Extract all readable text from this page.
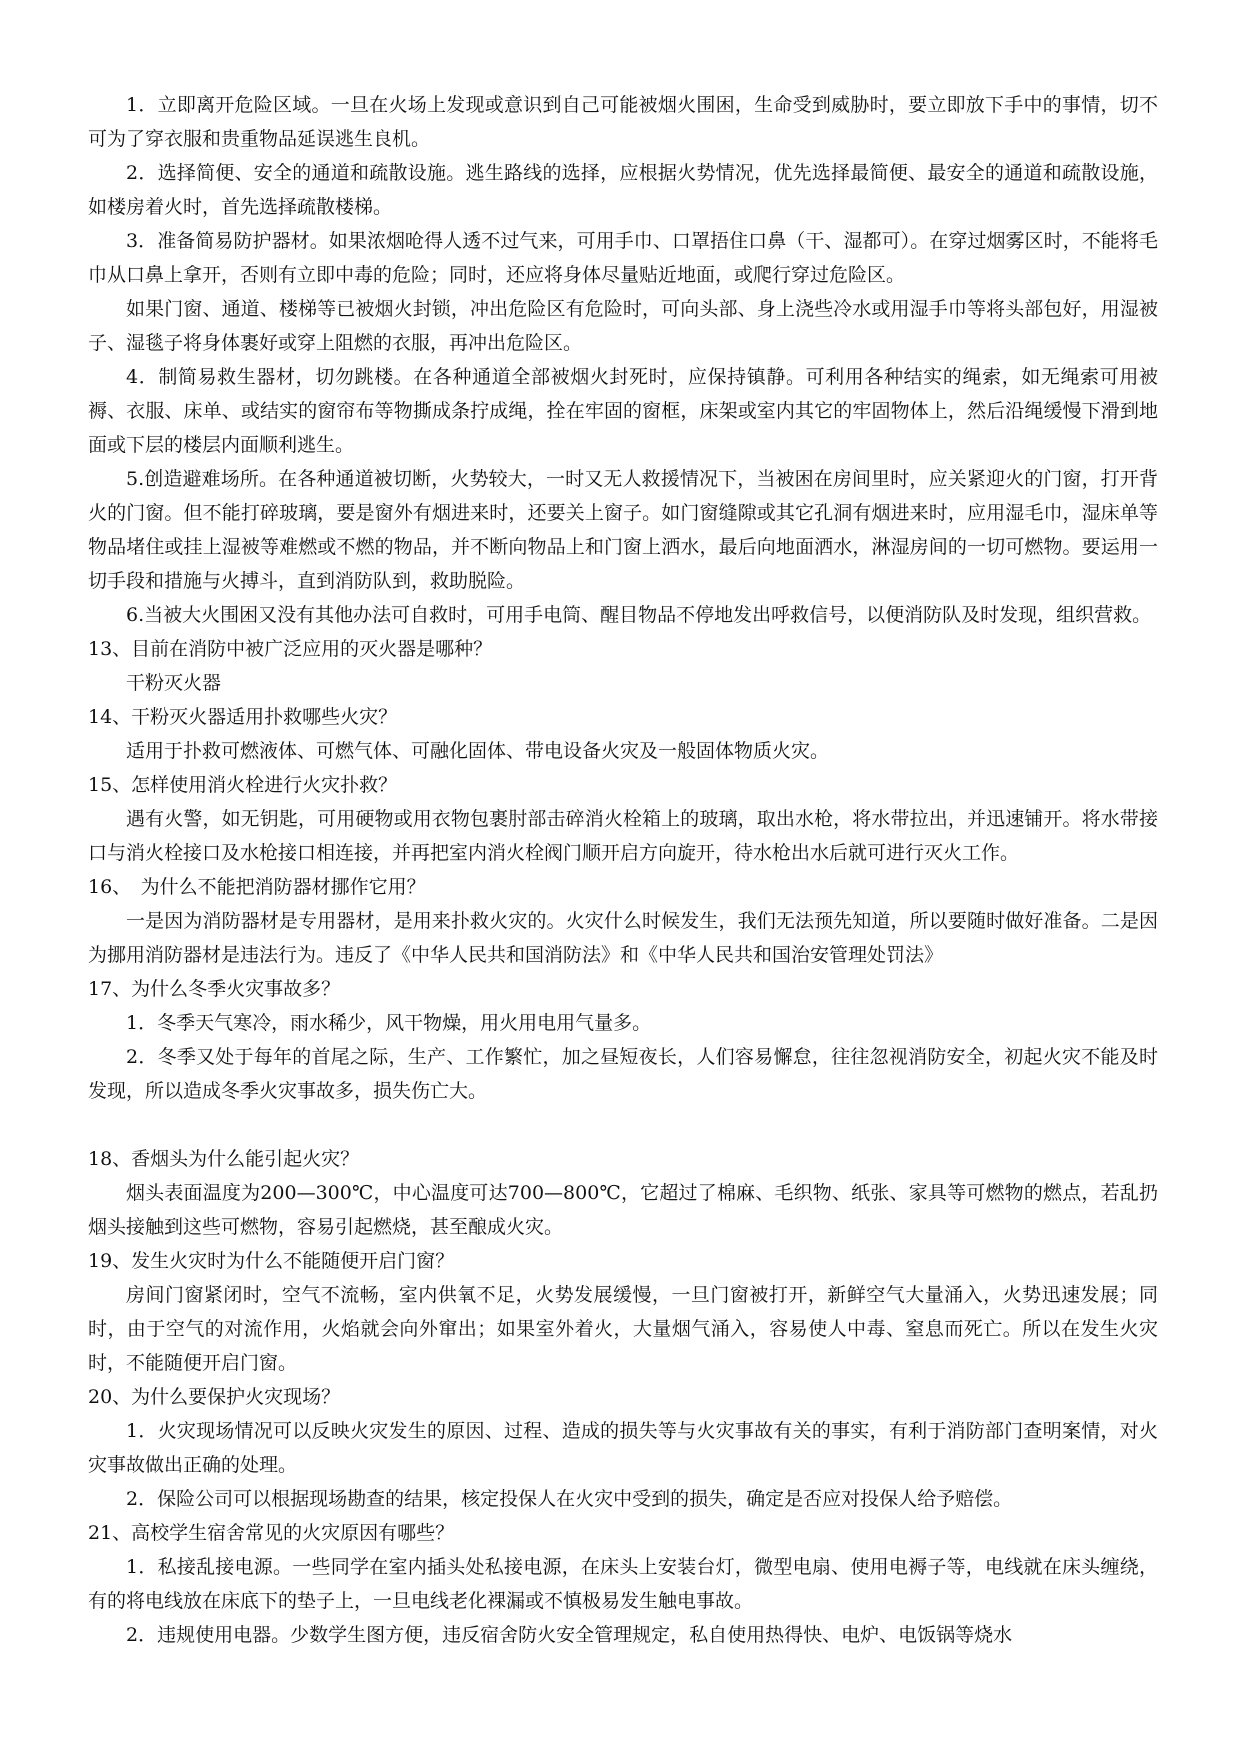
1．立即离开危险区域。一旦在火场上发现或意识到自己可能被烟火围困，生命受到威胁时，要立即放下手中的事情，切不可为了穿衣服和贵重物品延误逃生良机。

2．选择简便、安全的通道和疏散设施。逃生路线的选择，应根据火势情况，优先选择最简便、最安全的通道和疏散设施，如楼房着火时，首先选择疏散楼梯。

3．准备简易防护器材。如果浓烟呛得人透不过气来，可用手巾、口罩捂住口鼻（干、湿都可）。在穿过烟雾区时，不能将毛巾从口鼻上拿开，否则有立即中毒的危险；同时，还应将身体尽量贴近地面，或爬行穿过危险区。

如果门窗、通道、楼梯等已被烟火封锁，冲出危险区有危险时，可向头部、身上浇些冷水或用湿手巾等将头部包好，用湿被子、湿毯子将身体裹好或穿上阻燃的衣服，再冲出危险区。

4．制简易救生器材，切勿跳楼。在各种通道全部被烟火封死时，应保持镇静。可利用各种结实的绳索，如无绳索可用被褥、衣服、床单、或结实的窗帘布等物撕成条拧成绳，拴在牢固的窗框，床架或室内其它的牢固物体上，然后沿绳缓慢下滑到地面或下层的楼层内面顺利逃生。

5.创造避难场所。在各种通道被切断，火势较大，一时又无人救援情况下，当被困在房间里时，应关紧迎火的门窗，打开背火的门窗。但不能打碎玻璃，要是窗外有烟进来时，还要关上窗子。如门窗缝隙或其它孔洞有烟进来时，应用湿毛巾，湿床单等物品堵住或挂上湿被等难燃或不燃的物品，并不断向物品上和门窗上洒水，最后向地面洒水，淋湿房间的一切可燃物。要运用一切手段和措施与火搏斗，直到消防队到，救助脱险。

6.当被大火围困又没有其他办法可自救时，可用手电筒、醒目物品不停地发出呼救信号，以便消防队及时发现，组织营救。

13、目前在消防中被广泛应用的灭火器是哪种？

干粉灭火器

14、干粉灭火器适用扑救哪些火灾？

适用于扑救可燃液体、可燃气体、可融化固体、带电设备火灾及一般固体物质火灾。

15、怎样使用消火栓进行火灾扑救？

遇有火警，如无钥匙，可用硬物或用衣物包裹肘部击碎消火栓箱上的玻璃，取出水枪，将水带拉出，并迅速铺开。将水带接口与消火栓接口及水枪接口相连接，并再把室内消火栓阀门顺开启方向旋开，待水枪出水后就可进行灭火工作。

16、　为什么不能把消防器材挪作它用？

一是因为消防器材是专用器材，是用来扑救火灾的。火灾什么时候发生，我们无法预先知道，所以要随时做好准备。二是因为挪用消防器材是违法行为。违反了《中华人民共和国消防法》和《中华人民共和国治安管理处罚法》

17、为什么冬季火灾事故多？

1．冬季天气寒冷，雨水稀少，风干物燥，用火用电用气量多。

2．冬季又处于每年的首尾之际，生产、工作繁忙，加之昼短夜长，人们容易懈怠，往往忽视消防安全，初起火灾不能及时发现，所以造成冬季火灾事故多，损失伤亡大。

18、香烟头为什么能引起火灾？

烟头表面温度为200—300℃，中心温度可达700—800℃，它超过了棉麻、毛织物、纸张、家具等可燃物的燃点，若乱扔烟头接触到这些可燃物，容易引起燃烧，甚至酿成火灾。

19、发生火灾时为什么不能随便开启门窗？

房间门窗紧闭时，空气不流畅，室内供氧不足，火势发展缓慢，一旦门窗被打开，新鲜空气大量涌入，火势迅速发展；同时，由于空气的对流作用，火焰就会向外窜出；如果室外着火，大量烟气涌入，容易使人中毒、窒息而死亡。所以在发生火灾时，不能随便开启门窗。

20、为什么要保护火灾现场？

1．火灾现场情况可以反映火灾发生的原因、过程、造成的损失等与火灾事故有关的事实，有利于消防部门查明案情，对火灾事故做出正确的处理。

2．保险公司可以根据现场勘查的结果，核定投保人在火灾中受到的损失，确定是否应对投保人给予赔偿。

21、高校学生宿舍常见的火灾原因有哪些？

1．私接乱接电源。一些同学在室内插头处私接电源，在床头上安装台灯，微型电扇、使用电褥子等，电线就在床头缠绕，有的将电线放在床底下的垫子上，一旦电线老化裸漏或不慎极易发生触电事故。

2．违规使用电器。少数学生图方便，违反宿舍防火安全管理规定，私自使用热得快、电炉、电饭锅等烧水
